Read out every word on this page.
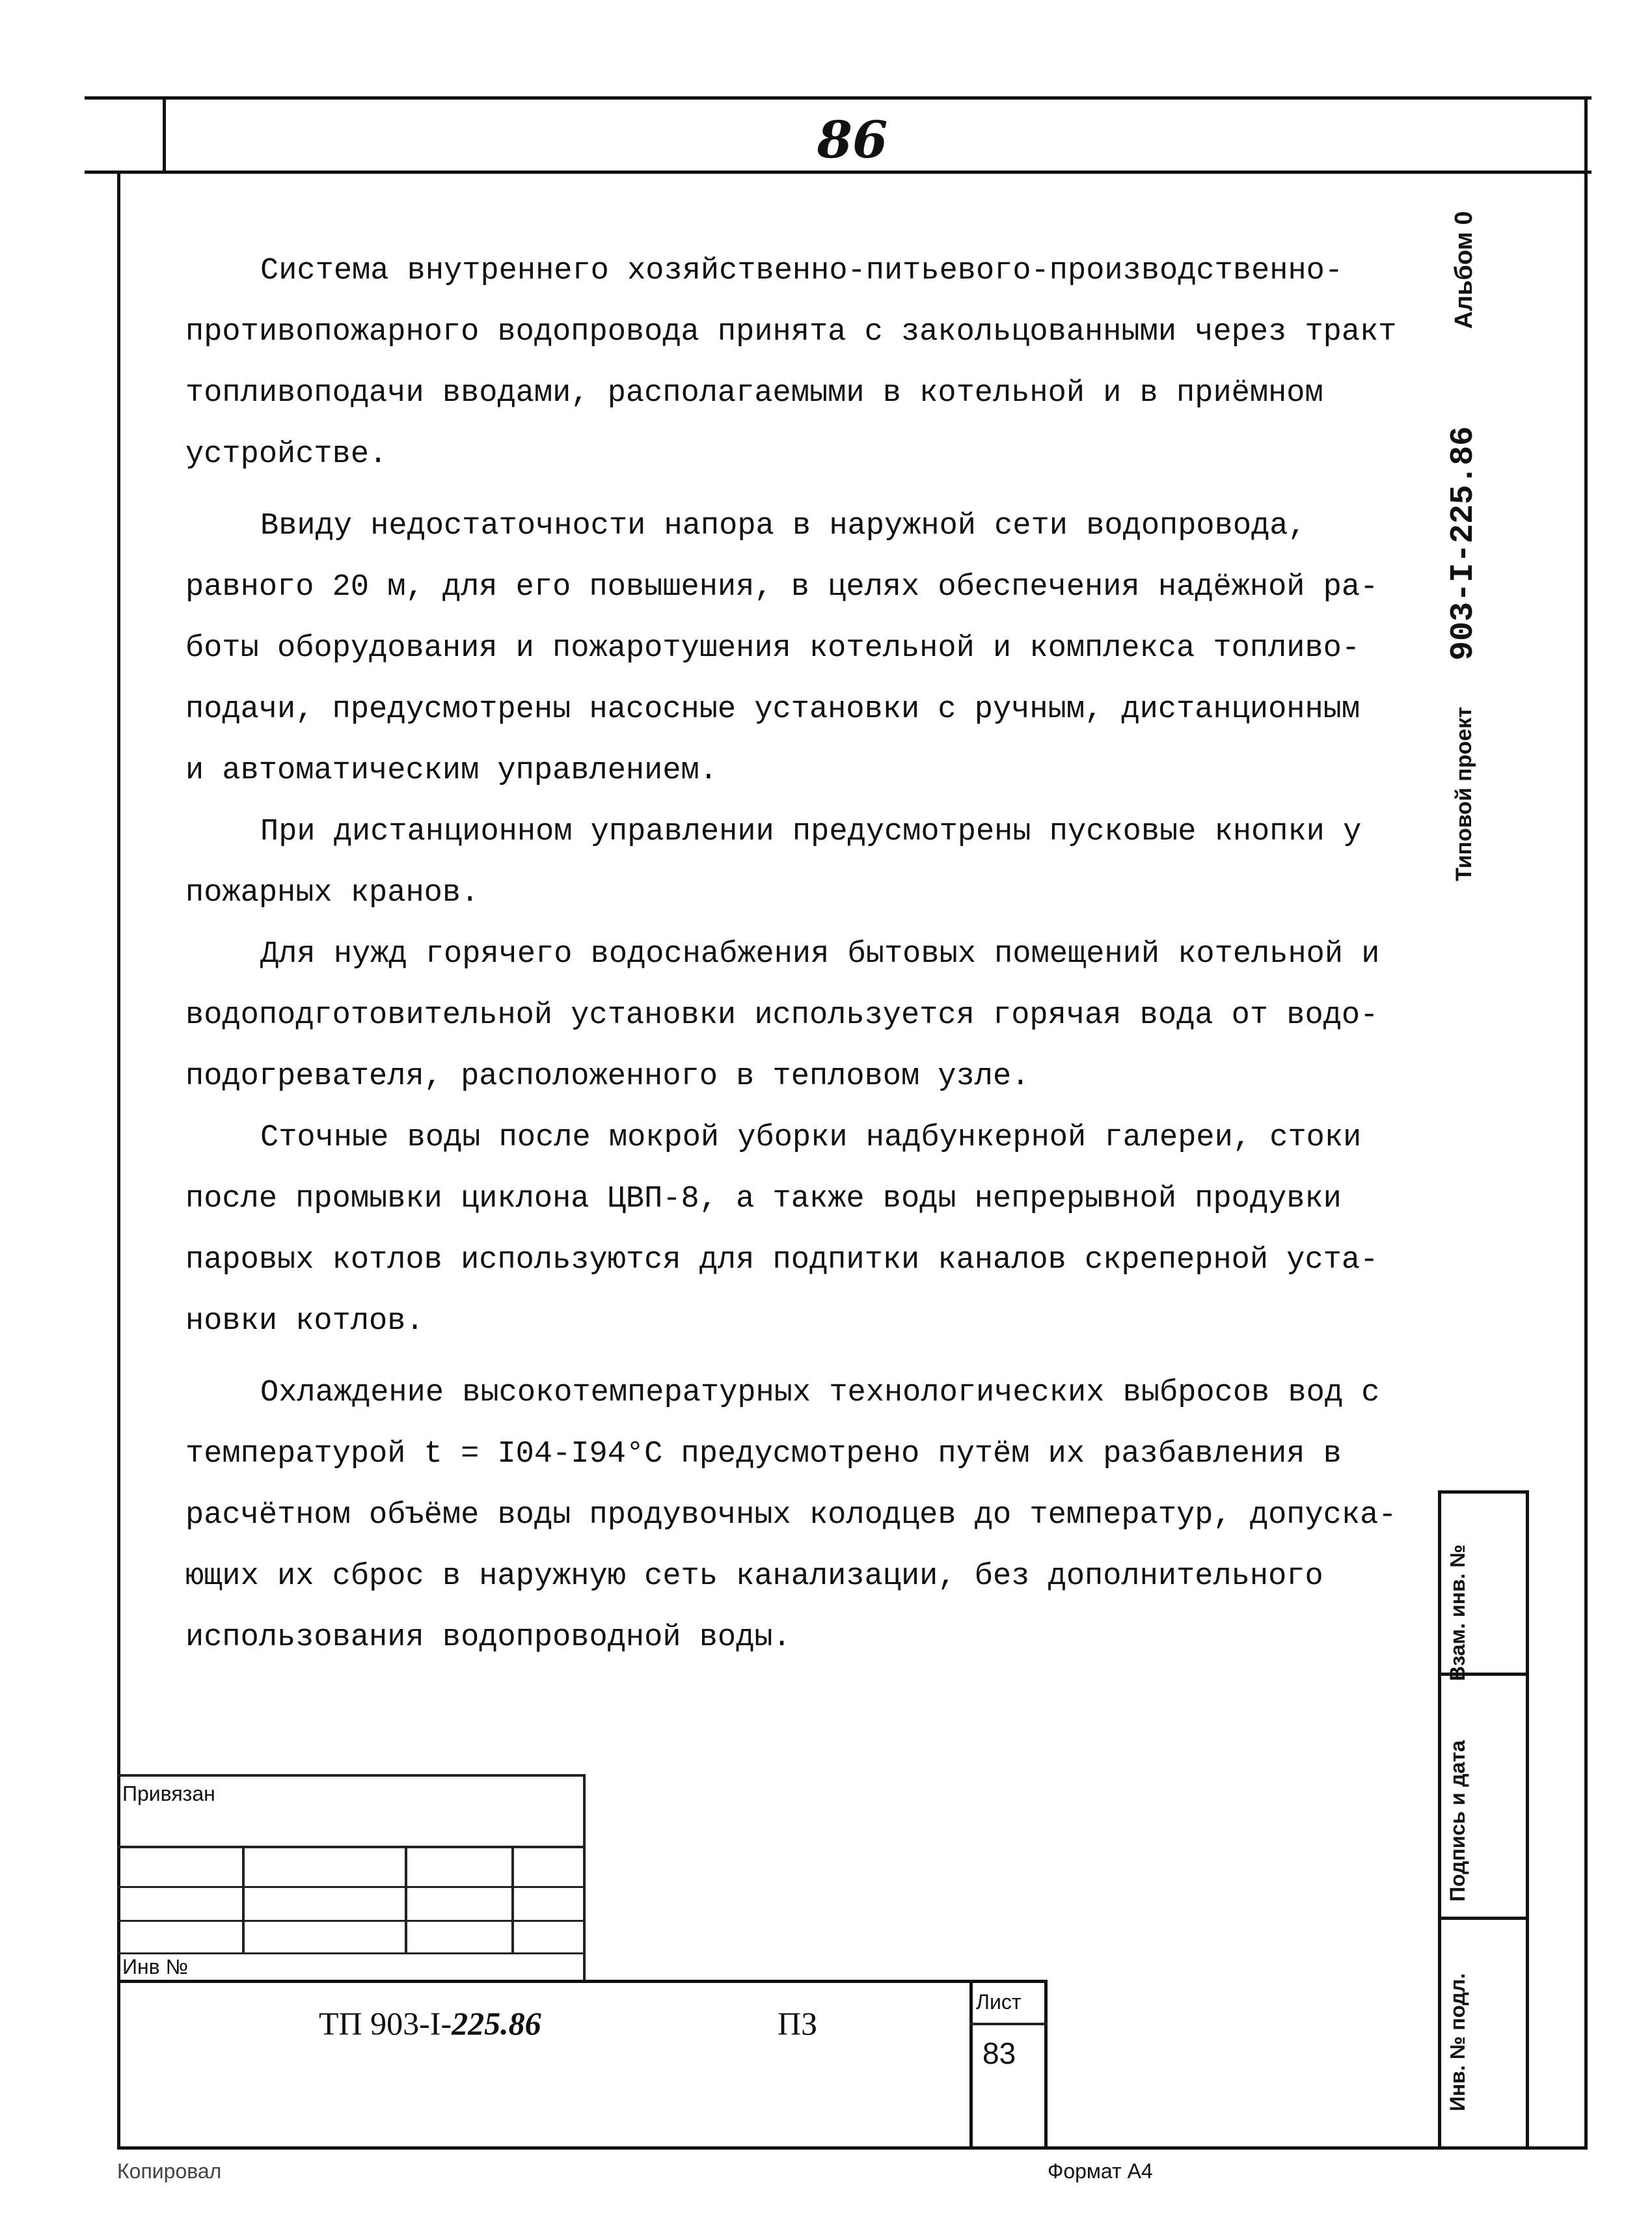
86

Система внутреннего хозяйственно-питьевого-производственно-
противопожарного водопровода принята с закольцованными через тракт
топливоподачи вводами, располагаемыми в котельной и в приёмном
устройстве.

Ввиду недостаточности напора в наружной сети водопровода,
равного 20 м, для его повышения, в целях обеспечения надёжной ра-
боты оборудования и пожаротушения котельной и комплекса топливо-
подачи, предусмотрены насосные установки с ручным, дистанционным
и автоматическим управлением.

При дистанционном управлении предусмотрены пусковые кнопки у
пожарных кранов.

Для нужд горячего водоснабжения бытовых помещений котельной и
водоподготовительной установки используется горячая вода от водо-
подогревателя, расположенного в тепловом узле.

Сточные воды после мокрой уборки надбункерной галереи, стоки
после промывки циклона ЦВП-8, а также воды непрерывной продувки
паровых котлов используются для подпитки каналов скреперной уста-
новки котлов.

Охлаждение высокотемпературных технологических выбросов вод с
температурой t = I04-I94°С предусмотрено путём их разбавления в
расчётном объёме воды продувочных колодцев до температур, допуска-
ющих их сброс в наружную сеть канализации, без дополнительного
использования водопроводной воды.

Альбом 0
903-I-225.86
Типовой проект
Взам. инв. №
Подпись и дата
Инв. № подл.
Привязан
Инв №
ТП 903-I-225.86	ПЗ
Лист
83
Копировал	Формат А4
